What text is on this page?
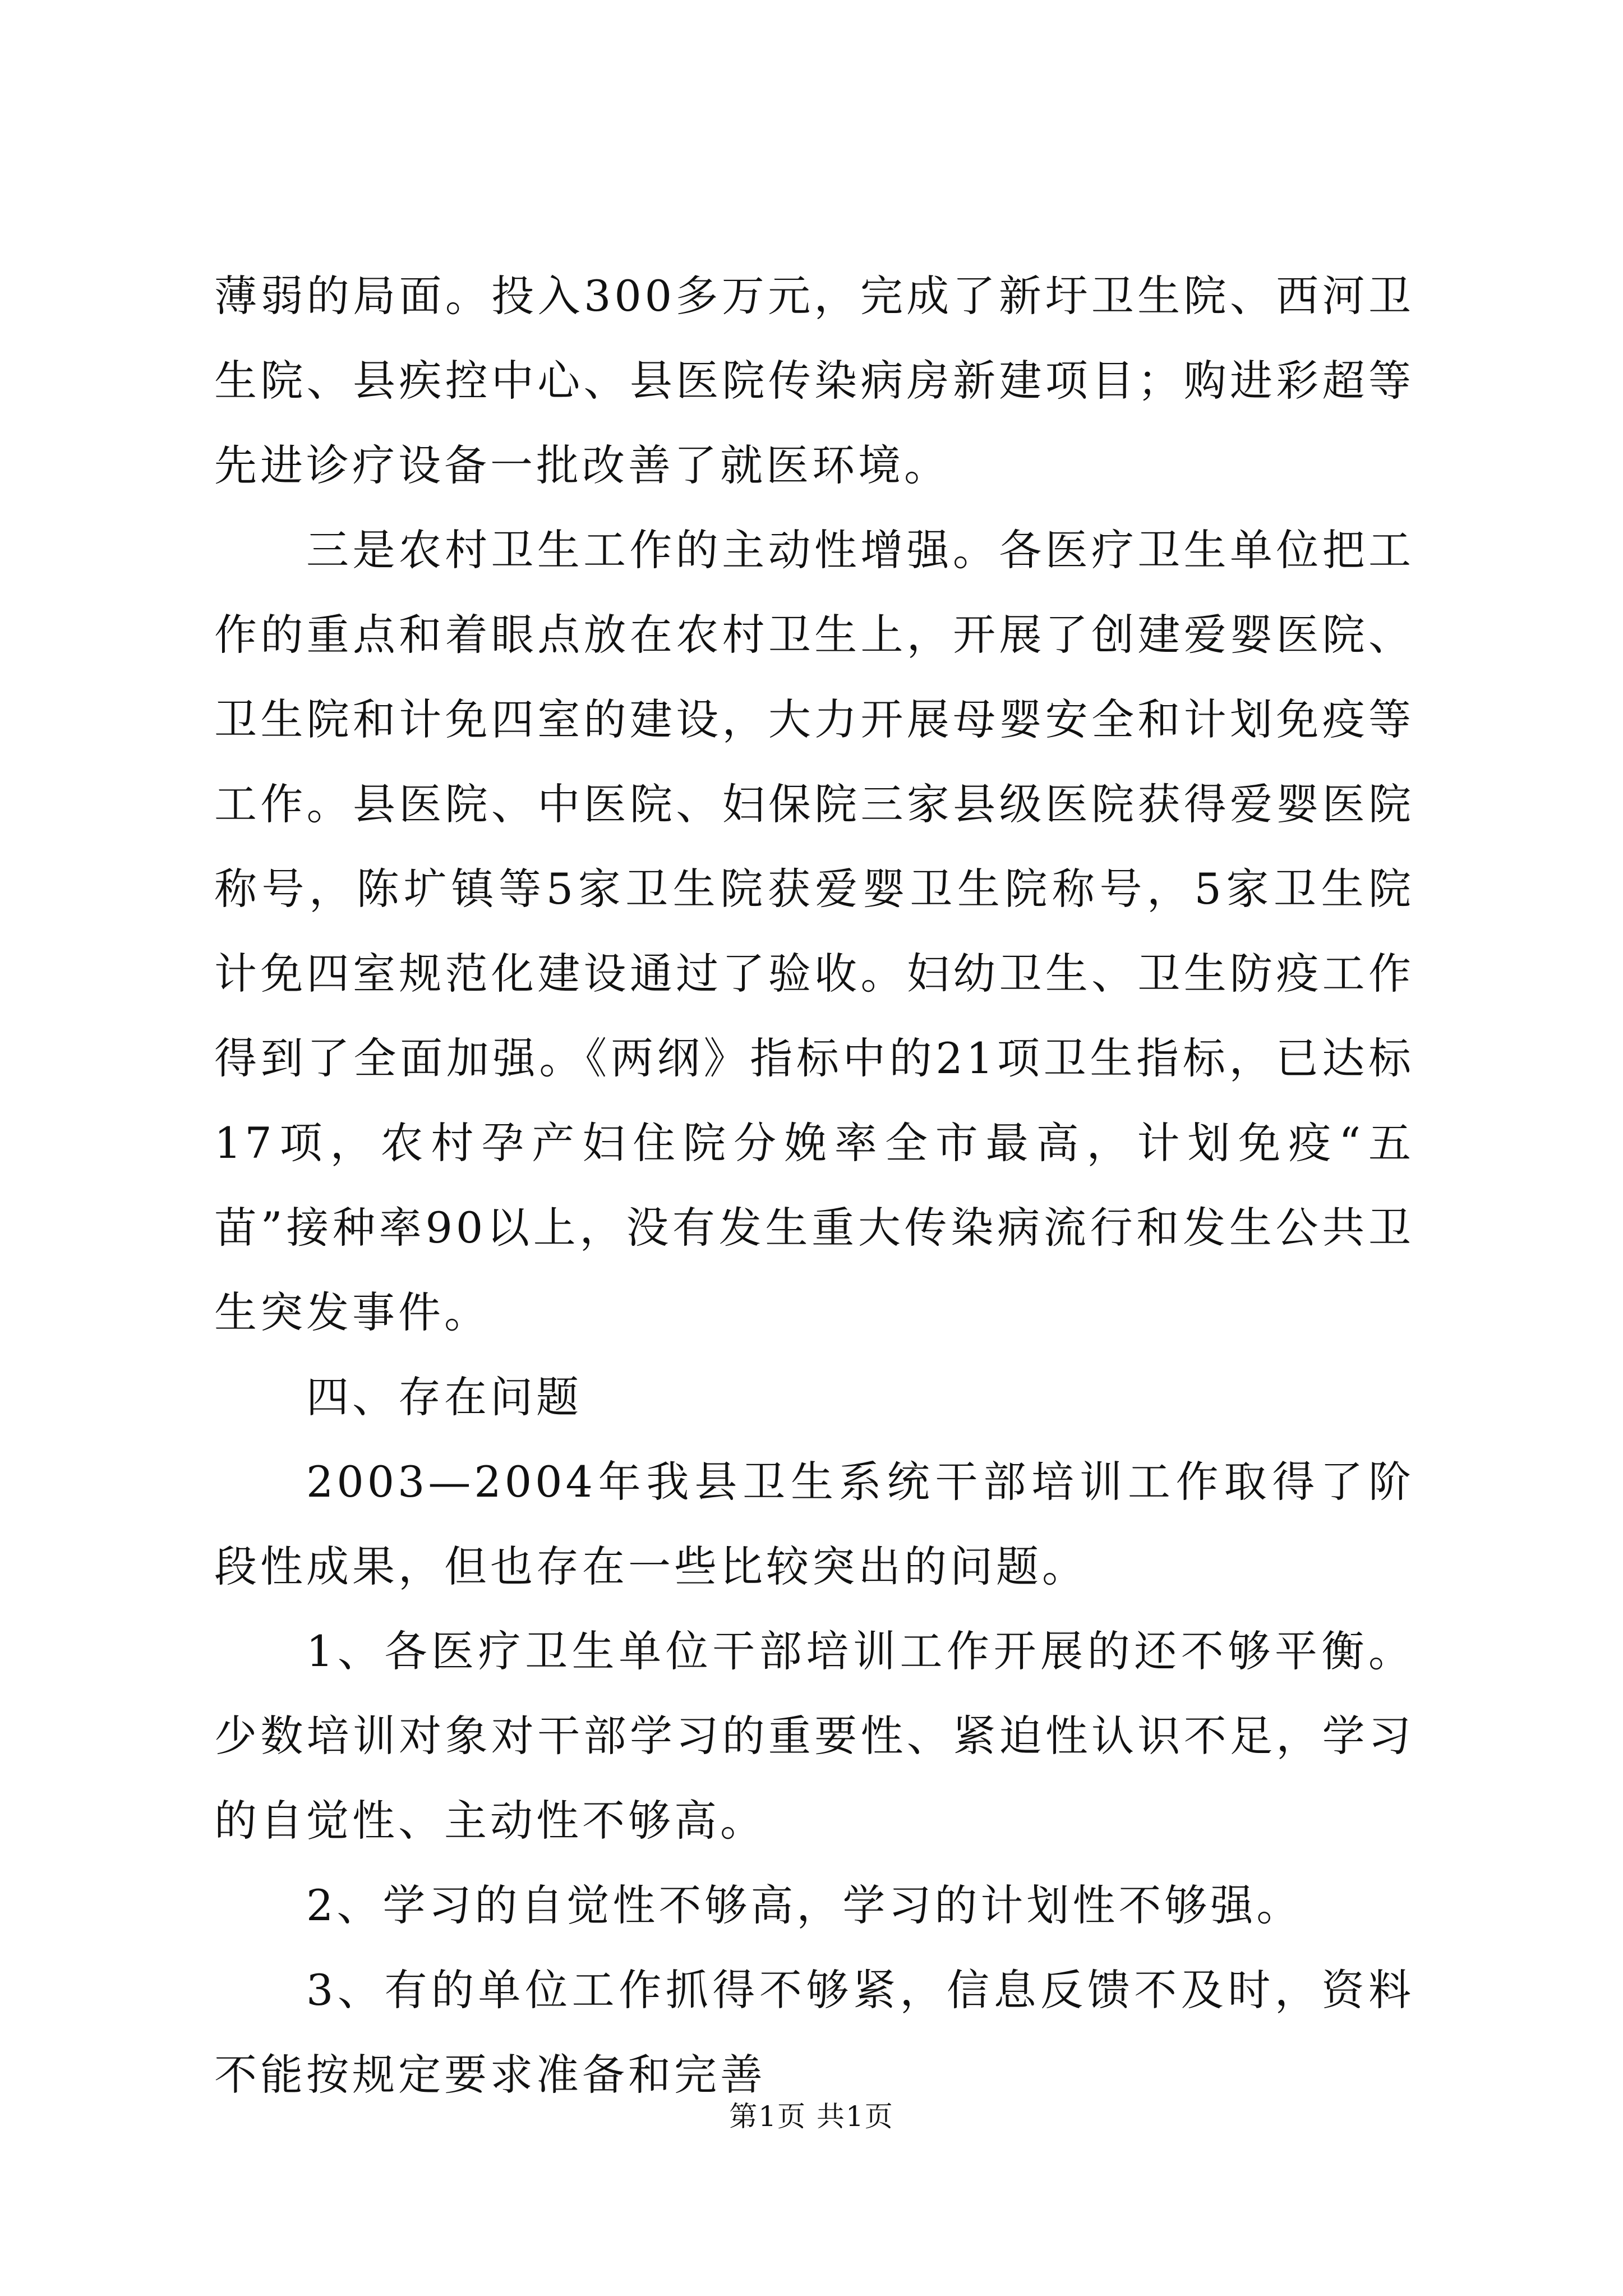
薄弱的局面。投入300多万元，完成了新圩卫生院、西河卫生院、县疾控中心、县医院传染病房新建项目；购进彩超等先进诊疗设备一批改善了就医环境。

三是农村卫生工作的主动性增强。各医疗卫生单位把工作的重点和着眼点放在农村卫生上，开展了创建爱婴医院、卫生院和计免四室的建设，大力开展母婴安全和计划免疫等工作。县医院、中医院、妇保院三家县级医院获得爱婴医院称号，陈圹镇等5家卫生院获爱婴卫生院称号，5家卫生院计免四室规范化建设通过了验收。妇幼卫生、卫生防疫工作得到了全面加强。《两纲》指标中的21项卫生指标，已达标17项，农村孕产妇住院分娩率全市最高，计划免疫“五苗”接种率90以上，没有发生重大传染病流行和发生公共卫生突发事件。

四、存在问题

2003—2004年我县卫生系统干部培训工作取得了阶段性成果，但也存在一些比较突出的问题。

1、各医疗卫生单位干部培训工作开展的还不够平衡。少数培训对象对干部学习的重要性、紧迫性认识不足，学习的自觉性、主动性不够高。

2、学习的自觉性不够高，学习的计划性不够强。

3、有的单位工作抓得不够紧，信息反馈不及时，资料不能按规定要求准备和完善

第1页 共1页
